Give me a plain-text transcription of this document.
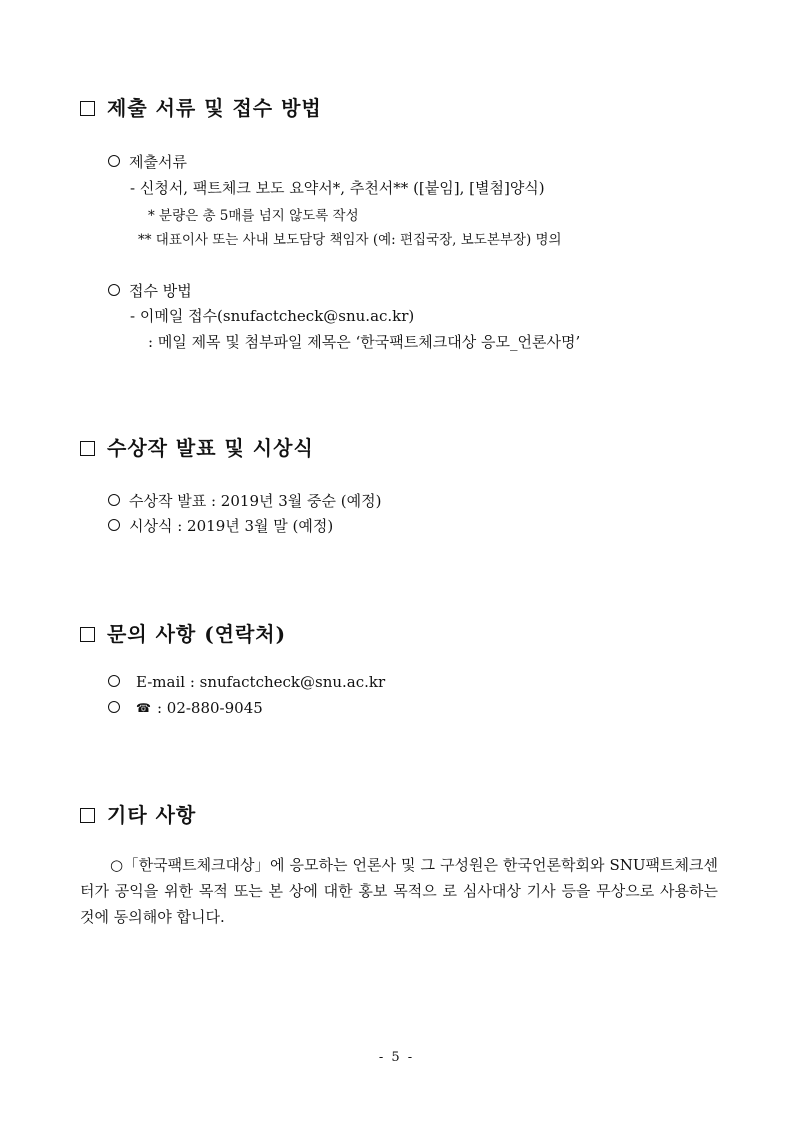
제출 서류 및 접수 방법
제출서류
- 신청서, 팩트체크 보도 요약서*, 추천서** ([붙임], [별첨]양식)
* 분량은 총 5매를 넘지 않도록 작성
** 대표이사 또는 사내 보도담당 책임자 (예: 편집국장, 보도본부장) 명의
접수 방법
- 이메일 접수(snufactcheck@snu.ac.kr)
: 메일 제목 및 첨부파일 제목은 ‘한국팩트체크대상 응모_언론사명’
수상작 발표 및 시상식
수상작 발표 : 2019년 3월 중순 (예정)
시상식 : 2019년 3월 말 (예정)
문의 사항 (연락처)
E-mail : snufactcheck@snu.ac.kr
☎ : 02-880-9045
기타 사항
○「한국팩트체크대상」에 응모하는 언론사 및 그 구성원은 한국언론학회와 SNU팩트체크센터가 공익을 위한 목적 또는 본 상에 대한 홍보 목적으 로 심사대상 기사 등을 무상으로 사용하는 것에 동의해야 합니다.
- 5 -
